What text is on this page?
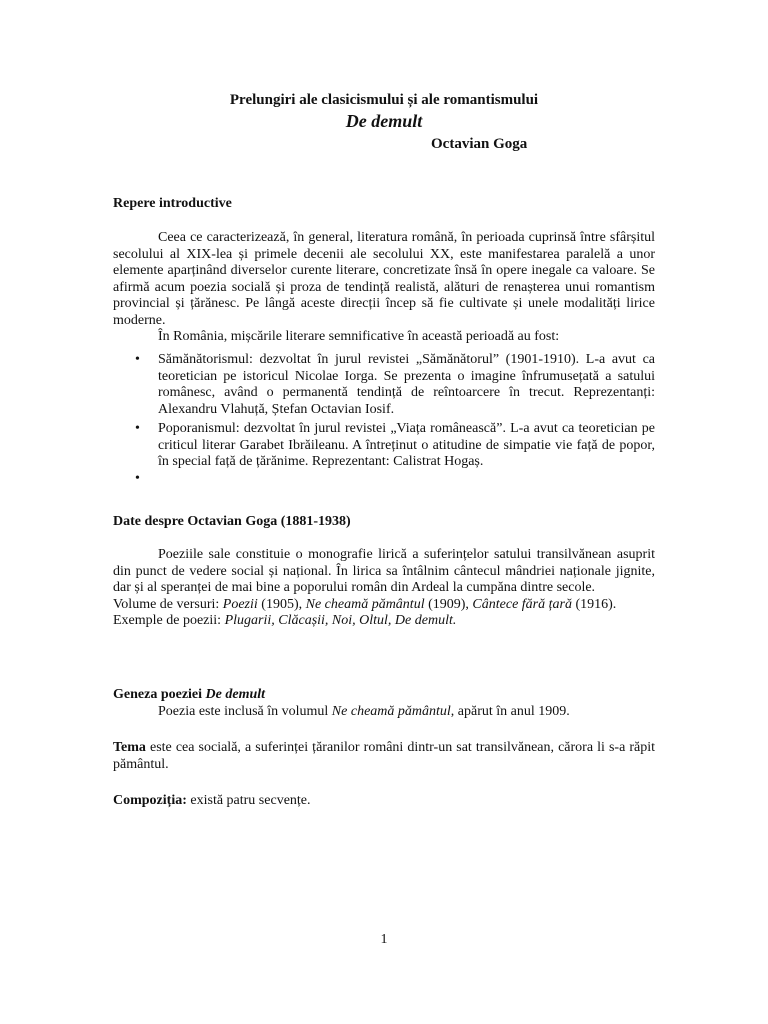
Prelungiri ale clasicismului și ale romantismului
De demult
Octavian Goga
Repere introductive

Ceea ce caracterizează, în general, literatura română, în perioada cuprinsă între sfârșitul secolului al XIX-lea și primele decenii ale secolului XX, este manifestarea paralelă a unor elemente aparținând diverselor curente literare, concretizate însă în opere inegale ca valoare. Se afirmă acum poezia socială și proza de tendință realistă, alături de renașterea unui romantism provincial și țărănesc. Pe lângă aceste direcții încep să fie cultivate și unele modalități lirice moderne.

În România, mișcările literare semnificative în această perioadă au fost:

• Sămănătorismul: dezvoltat în jurul revistei „Sămănătorul” (1901-1910). L-a avut ca teoretician pe istoricul Nicolae Iorga. Se prezenta o imagine înfrumusețată a satului românesc, având o permanentă tendință de reîntoarcere în trecut. Reprezentanți: Alexandru Vlahuță, Ștefan Octavian Iosif.
• Poporanismul: dezvoltat în jurul revistei „Viața românească”. L-a avut ca teoretician pe criticul literar Garabet Ibrăileanu. A întreținut o atitudine de simpatie vie față de popor, în special față de țărănime. Reprezentant: Calistrat Hogaș.
•
Date despre Octavian Goga (1881-1938)

Poeziile sale constituie o monografie lirică a suferințelor satului transilvănean asuprit din punct de vedere social și național. În lirica sa întâlnim cântecul mândriei naționale jignite, dar și al speranței de mai bine a poporului român din Ardeal la cumpăna dintre secole.

Volume de versuri: Poezii (1905), Ne cheamă pământul (1909), Cântece fără țară (1916).

Exemple de poezii: Plugarii, Clăcașii, Noi, Oltul, De demult.

Geneza poeziei De demult

Poezia este inclusă în volumul Ne cheamă pământul, apărut în anul 1909.

Tema este cea socială, a suferinței țăranilor români dintr-un sat transilvănean, cărora li s-a răpit pământul.

Compoziția: există patru secvențe.

1
